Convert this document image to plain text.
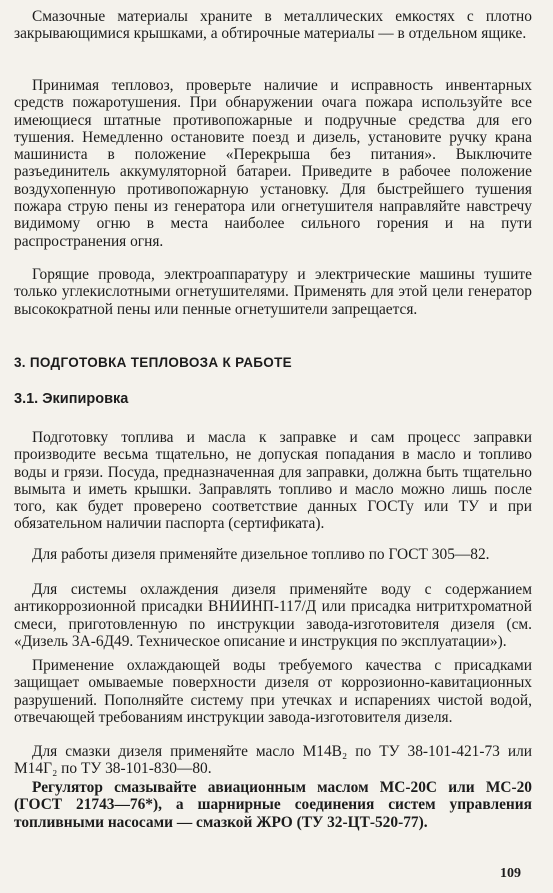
Смазочные материалы храните в металлических емкостях с плотно закрывающимися крышками, а обтирочные материалы — в отдельном ящике.

Принимая тепловоз, проверьте наличие и исправность инвентарных средств пожаротушения. При обнаружении очага пожара используйте все имеющиеся штатные противопожарные и подручные средства для его тушения. Немедленно остановите поезд и дизель, установите ручку крана машиниста в положение «Перекрыша без питания». Выключите разъединитель аккумуляторной батареи. Приведите в рабочее положение воздухопенную противопожарную установку. Для быстрейшего тушения пожара струю пены из генератора или огнетушителя направляйте навстречу видимому огню в места наиболее сильного горения и на пути распространения огня.

Горящие провода, электроаппаратуру и электрические машины тушите только углекислотными огнетушителями. Применять для этой цели генератор высокократной пены или пенные огнетушители запрещается.

3. ПОДГОТОВКА ТЕПЛОВОЗА К РАБОТЕ
3.1. Экипировка

Подготовку топлива и масла к заправке и сам процесс заправки производите весьма тщательно, не допуская попадания в масло и топливо воды и грязи. Посуда, предназначенная для заправки, должна быть тщательно вымыта и иметь крышки. Заправлять топливо и масло можно лишь после того, как будет проверено соответствие данных ГОСТу или ТУ и при обязательном наличии паспорта (сертификата).

Для работы дизеля применяйте дизельное топливо по ГОСТ 305—82.

Для системы охлаждения дизеля применяйте воду с содержанием антикоррозионной присадки ВНИИНП-117/Д или присадка нитритхроматной смеси, приготовленную по инструкции завода-изготовителя дизеля (см. «Дизель 3А-6Д49. Техническое описание и инструкция по эксплуатации»).

Применение охлаждающей воды требуемого качества с присадками защищает омываемые поверхности дизеля от коррозионно-кавитационных разрушений. Пополняйте систему при утечках и испарениях чистой водой, отвечающей требованиям инструкции завода-изготовителя дизеля.

Для смазки дизеля применяйте масло М14В₂ по ТУ 38-101-421-73 или М14Г₂ по ТУ 38-101-830—80.

Регулятор смазывайте авиационным маслом МС-20С или МС-20 (ГОСТ 21743—76*), а шарнирные соединения систем управления топливными насосами — смазкой ЖРО (ТУ 32-ЦТ-520-77).

109
